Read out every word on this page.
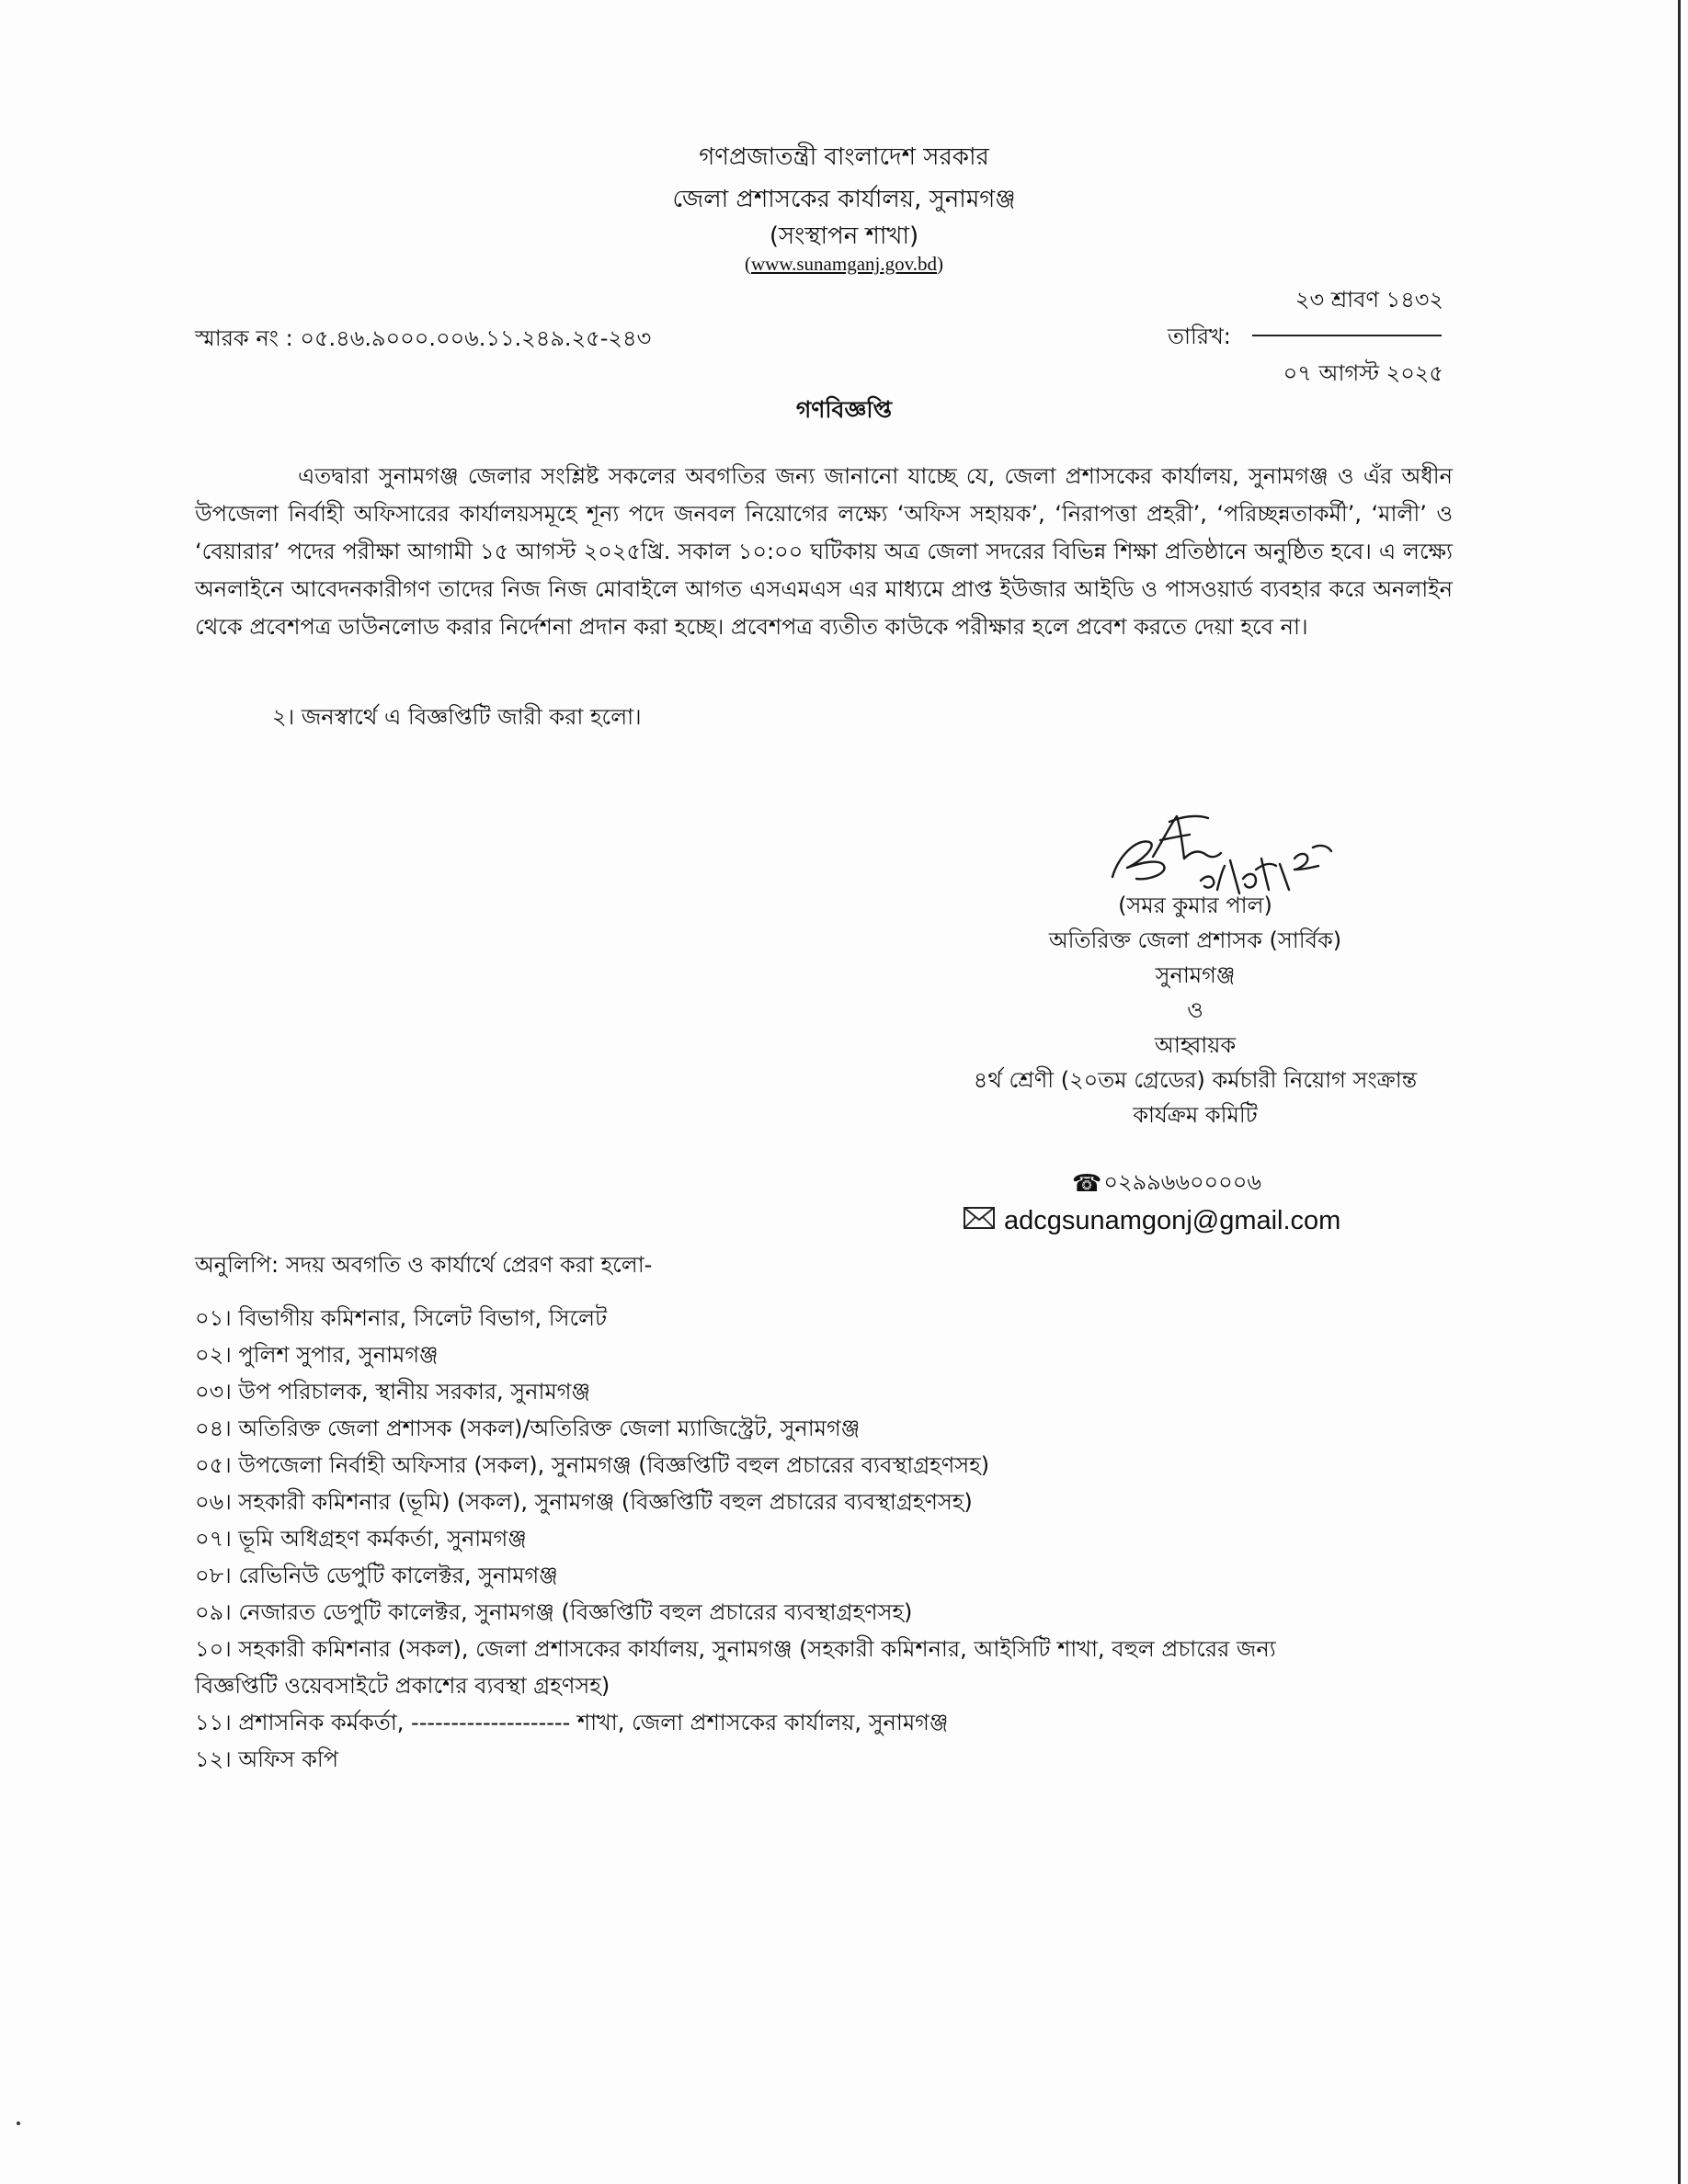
গণপ্রজাতন্ত্রী বাংলাদেশ সরকার
জেলা প্রশাসকের কার্যালয়, সুনামগঞ্জ
(সংস্থাপন শাখা)
(www.sunamganj.gov.bd)
স্মারক নং : ০৫.৪৬.৯০০০.০০৬.১১.২৪৯.২৫-২৪৩
২৩ শ্রাবণ ১৪৩২
তারিখ:
০৭ আগস্ট ২০২৫
গণবিজ্ঞপ্তি
এতদ্বারা সুনামগঞ্জ জেলার সংশ্লিষ্ট সকলের অবগতির জন্য জানানো যাচ্ছে যে, জেলা প্রশাসকের কার্যালয়, সুনামগঞ্জ ও এঁর অধীন উপজেলা নির্বাহী অফিসারের কার্যালয়সমূহে শূন্য পদে জনবল নিয়োগের লক্ষ্যে ‘অফিস সহায়ক’, ‘নিরাপত্তা প্রহরী’, ‘পরিচ্ছন্নতাকর্মী’, ‘মালী’ ও ‘বেয়ারার’ পদের পরীক্ষা আগামী ১৫ আগস্ট ২০২৫খ্রি. সকাল ১০:০০ ঘটিকায় অত্র জেলা সদরের বিভিন্ন শিক্ষা প্রতিষ্ঠানে অনুষ্ঠিত হবে। এ লক্ষ্যে অনলাইনে আবেদনকারীগণ তাদের নিজ নিজ মোবাইলে আগত এসএমএস এর মাধ্যমে প্রাপ্ত ইউজার আইডি ও পাসওয়ার্ড ব্যবহার করে অনলাইন থেকে প্রবেশপত্র ডাউনলোড করার নির্দেশনা প্রদান করা হচ্ছে। প্রবেশপত্র ব্যতীত কাউকে পরীক্ষার হলে প্রবেশ করতে দেয়া হবে না।
২। জনস্বার্থে এ বিজ্ঞপ্তিটি জারী করা হলো।
(সমর কুমার পাল)
অতিরিক্ত জেলা প্রশাসক (সার্বিক)
সুনামগঞ্জ
ও
আহ্বায়ক
৪র্থ শ্রেণী (২০তম গ্রেডের) কর্মচারী নিয়োগ সংক্রান্ত
কার্যক্রম কমিটি
☎ ০২৯৯৬৬০০০০৬
adcgsunamgonj@gmail.com
অনুলিপি: সদয় অবগতি ও কার্যার্থে প্রেরণ করা হলো-
০১। বিভাগীয় কমিশনার, সিলেট বিভাগ, সিলেট
০২। পুলিশ সুপার, সুনামগঞ্জ
০৩। উপ পরিচালক, স্থানীয় সরকার, সুনামগঞ্জ
০৪। অতিরিক্ত জেলা প্রশাসক (সকল)/অতিরিক্ত জেলা ম্যাজিস্ট্রেট, সুনামগঞ্জ
০৫। উপজেলা নির্বাহী অফিসার (সকল), সুনামগঞ্জ (বিজ্ঞপ্তিটি বহুল প্রচারের ব্যবস্থাগ্রহণসহ)
০৬। সহকারী কমিশনার (ভূমি) (সকল), সুনামগঞ্জ (বিজ্ঞপ্তিটি বহুল প্রচারের ব্যবস্থাগ্রহণসহ)
০৭। ভূমি অধিগ্রহণ কর্মকর্তা, সুনামগঞ্জ
০৮। রেভিনিউ ডেপুটি কালেক্টর, সুনামগঞ্জ
০৯। নেজারত ডেপুটি কালেক্টর, সুনামগঞ্জ (বিজ্ঞপ্তিটি বহুল প্রচারের ব্যবস্থাগ্রহণসহ)
১০। সহকারী কমিশনার (সকল), জেলা প্রশাসকের কার্যালয়, সুনামগঞ্জ (সহকারী কমিশনার, আইসিটি শাখা, বহুল প্রচারের জন্য
বিজ্ঞপ্তিটি ওয়েবসাইটে প্রকাশের ব্যবস্থা গ্রহণসহ)
১১। প্রশাসনিক কর্মকর্তা, -------------------- শাখা, জেলা প্রশাসকের কার্যালয়, সুনামগঞ্জ
১২। অফিস কপি
